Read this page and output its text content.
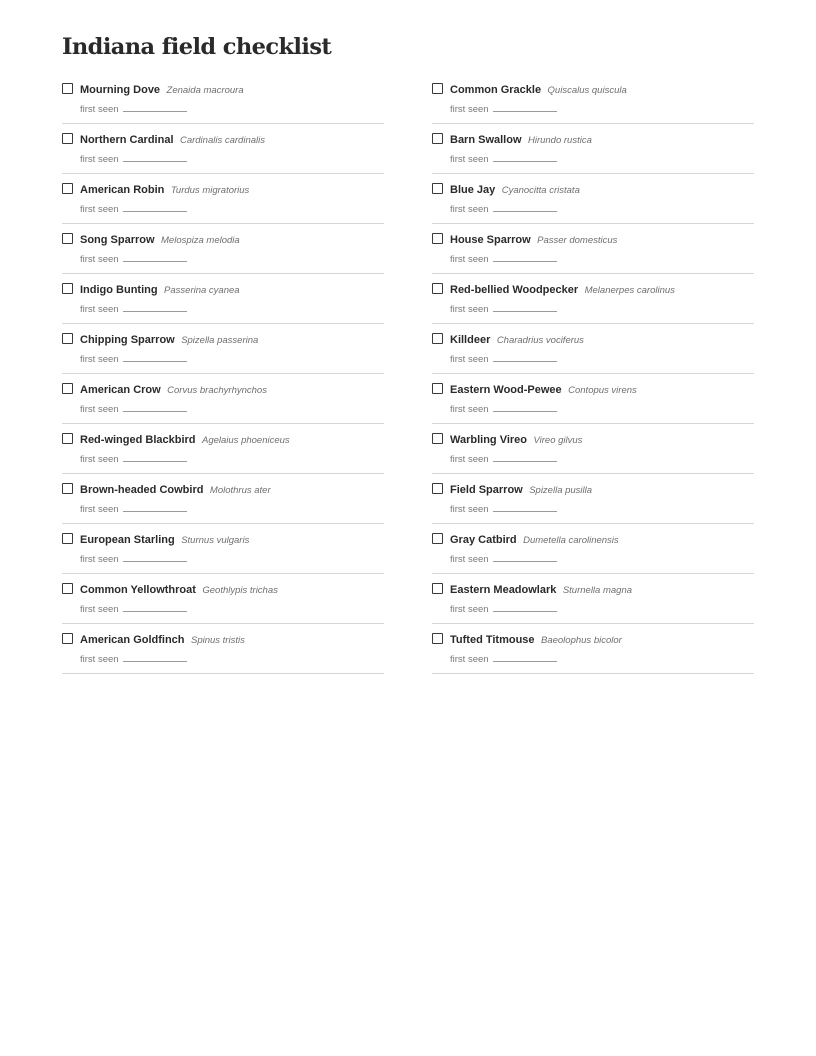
Indiana field checklist
Mourning Dove Zenaida macroura
first seen
Northern Cardinal Cardinalis cardinalis
first seen
American Robin Turdus migratorius
first seen
Song Sparrow Melospiza melodia
first seen
Indigo Bunting Passerina cyanea
first seen
Chipping Sparrow Spizella passerina
first seen
American Crow Corvus brachyrhynchos
first seen
Red-winged Blackbird Agelaius phoeniceus
first seen
Brown-headed Cowbird Molothrus ater
first seen
European Starling Sturnus vulgaris
first seen
Common Yellowthroat Geothlypis trichas
first seen
American Goldfinch Spinus tristis
first seen
Common Grackle Quiscalus quiscula
first seen
Barn Swallow Hirundo rustica
first seen
Blue Jay Cyanocitta cristata
first seen
House Sparrow Passer domesticus
first seen
Red-bellied Woodpecker Melanerpes carolinus
first seen
Killdeer Charadrius vociferus
first seen
Eastern Wood-Pewee Contopus virens
first seen
Warbling Vireo Vireo gilvus
first seen
Field Sparrow Spizella pusilla
first seen
Gray Catbird Dumetella carolinensis
first seen
Eastern Meadowlark Sturnella magna
first seen
Tufted Titmouse Baeolophus bicolor
first seen
